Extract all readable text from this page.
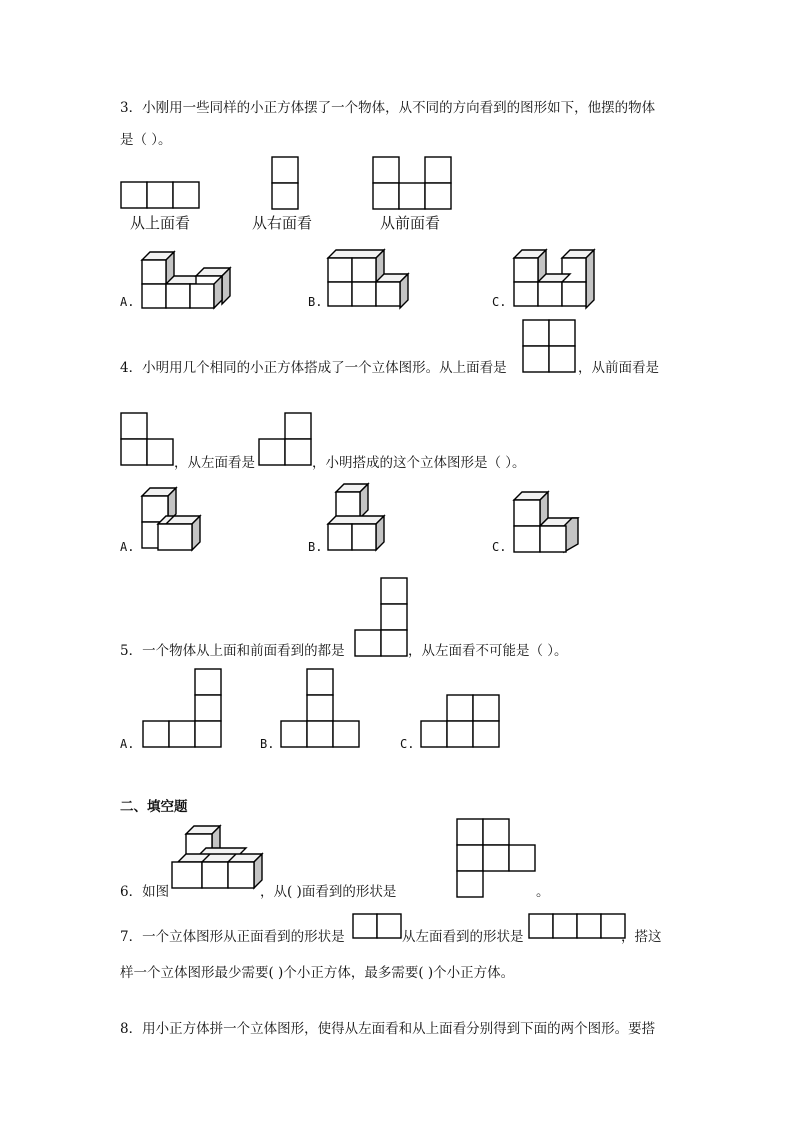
3．小刚用一些同样的小正方体摆了一个物体，从不同的方向看到的图形如下，他摆的物体
是（ ）。
从上面看	从右面看	从前面看
A.	B.	C.
4．小明用几个相同的小正方体搭成了一个立体图形。从上面看是	，从前面看是
，从左面看是	，小明搭成的这个立体图形是（ ）。
A.	B.	C.
5．一个物体从上面和前面看到的都是	，从左面看不可能是（ ）。
A.	B.	C.
二、填空题
6．如图	，从( )面看到的形状是	。
7．一个立体图形从正面看到的形状是	从左面看到的形状是	，搭这
样一个立体图形最少需要( )个小正方体，最多需要( )个小正方体。
8．用小正方体拼一个立体图形，使得从左面看和从上面看分别得到下面的两个图形。要搭
